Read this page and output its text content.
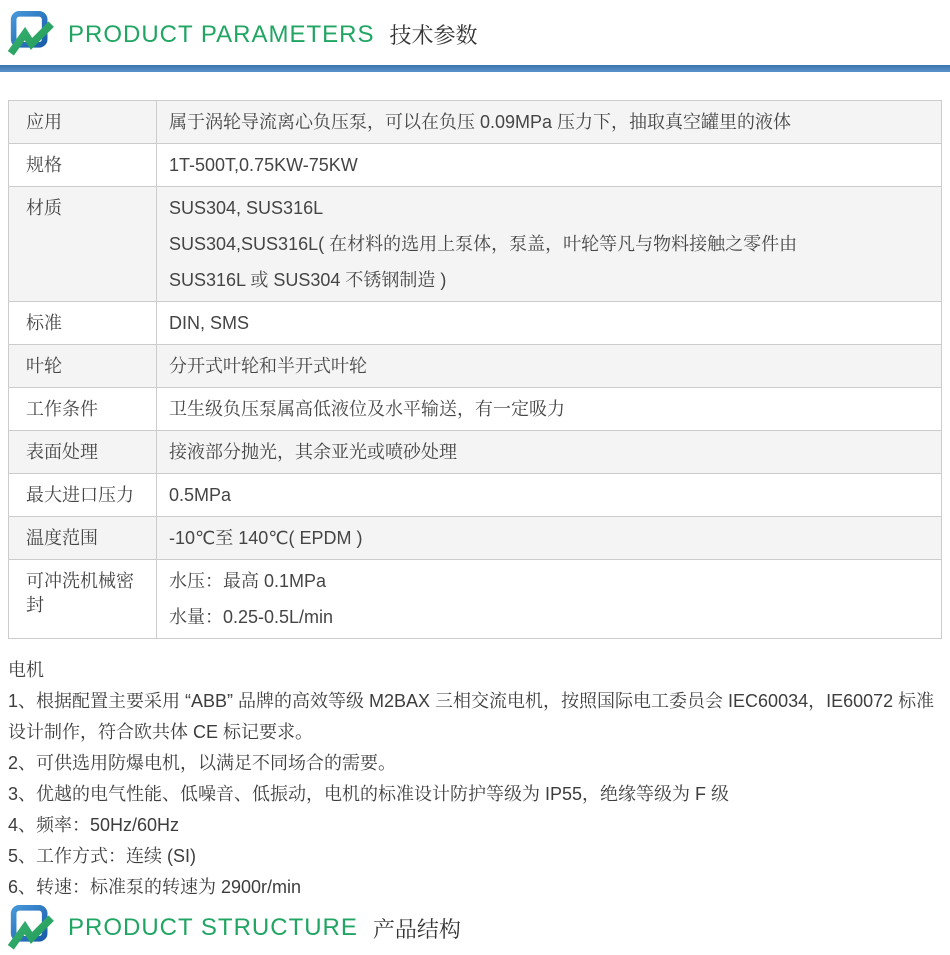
PRODUCT PARAMETERS 技术参数
应用	属于涡轮导流离心负压泵，可以在负压 0.09MPa 压力下，抽取真空罐里的液体

规格	1T-500T,0.75KW-75KW

材质	SUS304, SUS316L
SUS304,SUS316L( 在材料的选用上泵体，泵盖，叶轮等凡与物料接触之零件由
SUS316L 或 SUS304 不锈钢制造 )

标准	DIN, SMS

叶轮	分开式叶轮和半开式叶轮

工作条件	卫生级负压泵属高低液位及水平输送，有一定吸力

表面处理	接液部分抛光，其余亚光或喷砂处理

最大进口压力	0.5MPa

温度范围	-10℃至 140℃( EPDM )

可冲洗机械密封	水压：最高 0.1MPa
水量：0.25-0.5L/min
电机
1、根据配置主要采用 “ABB” 品牌的高效等级 M2BAX 三相交流电机，按照国际电工委员会 IEC60034，IE60072 标准设计制作，符合欧共体 CE 标记要求。
2、可供选用防爆电机，以满足不同场合的需要。
3、优越的电气性能、低噪音、低振动，电机的标准设计防护等级为 IP55，绝缘等级为 F 级
4、频率：50Hz/60Hz
5、工作方式：连续 (SI)
6、转速：标准泵的转速为 2900r/min
PRODUCT STRUCTURE 产品结构
